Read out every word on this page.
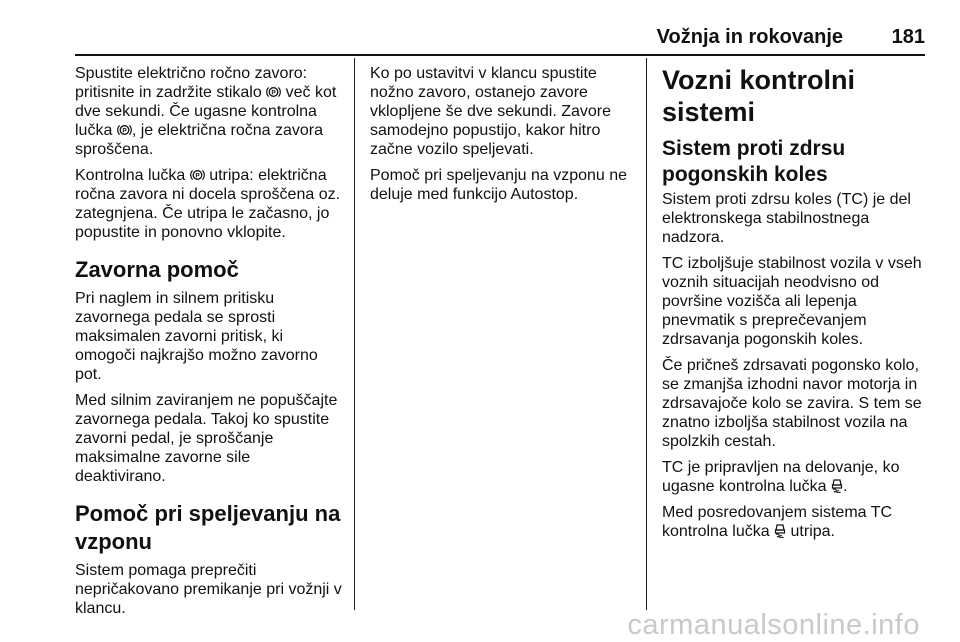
Vožnja in rokovanje 181

Spustite električno ročno zavoro:
pritisnite in zadržite stikalo P več kot
dve sekundi. Če ugasne kontrolna
lučka P , je električna ročna zavora
sproščena.

Kontrolna lučka P utripa: električna
ročna zavora ni docela sproščena oz.
zategnjena. Če utripa le začasno, jo
popustite in ponovno vklopite.

Zavorna pomoč

Pri naglem in silnem pritisku
zavornega pedala se sprosti
maksimalen zavorni pritisk, ki
omogoči najkrajšo možno zavorno
pot.

Med silnim zaviranjem ne popuščajte
zavornega pedala. Takoj ko spustite
zavorni pedal, je sproščanje
maksimalne zavorne sile
deaktivirano.

Pomoč pri speljevanju na
vzponu

Sistem pomaga preprečiti
nepričakovano premikanje pri vožnji v
klancu.

Ko po ustavitvi v klancu spustite
nožno zavoro, ostanejo zavore
vklopljene še dve sekundi. Zavore
samodejno popustijo, kakor hitro
začne vozilo speljevati.

Pomoč pri speljevanju na vzponu ne
deluje med funkcijo Autostop.

Vozni kontrolni sistemi
Sistem proti zdrsu
pogonskih koles

Sistem proti zdrsu koles (TC) je del
elektronskega stabilnostnega
nadzora.

TC izboljšuje stabilnost vozila v vseh
voznih situacijah neodvisno od
površine vozišča ali lepenja
pnevmatik s preprečevanjem
zdrsavanja pogonskih koles.

Če pričneš zdrsavati pogonsko kolo,
se zmanjša izhodni navor motorja in
zdrsavajoče kolo se zavira. S tem se
znatno izboljša stabilnost vozila na
spolzkih cestah.

TC je pripravljen na delovanje, ko
ugasne kontrolna lučka .

Med posredovanjem sistema TC
kontrolna lučka utripa.

carmanualsonline.info
